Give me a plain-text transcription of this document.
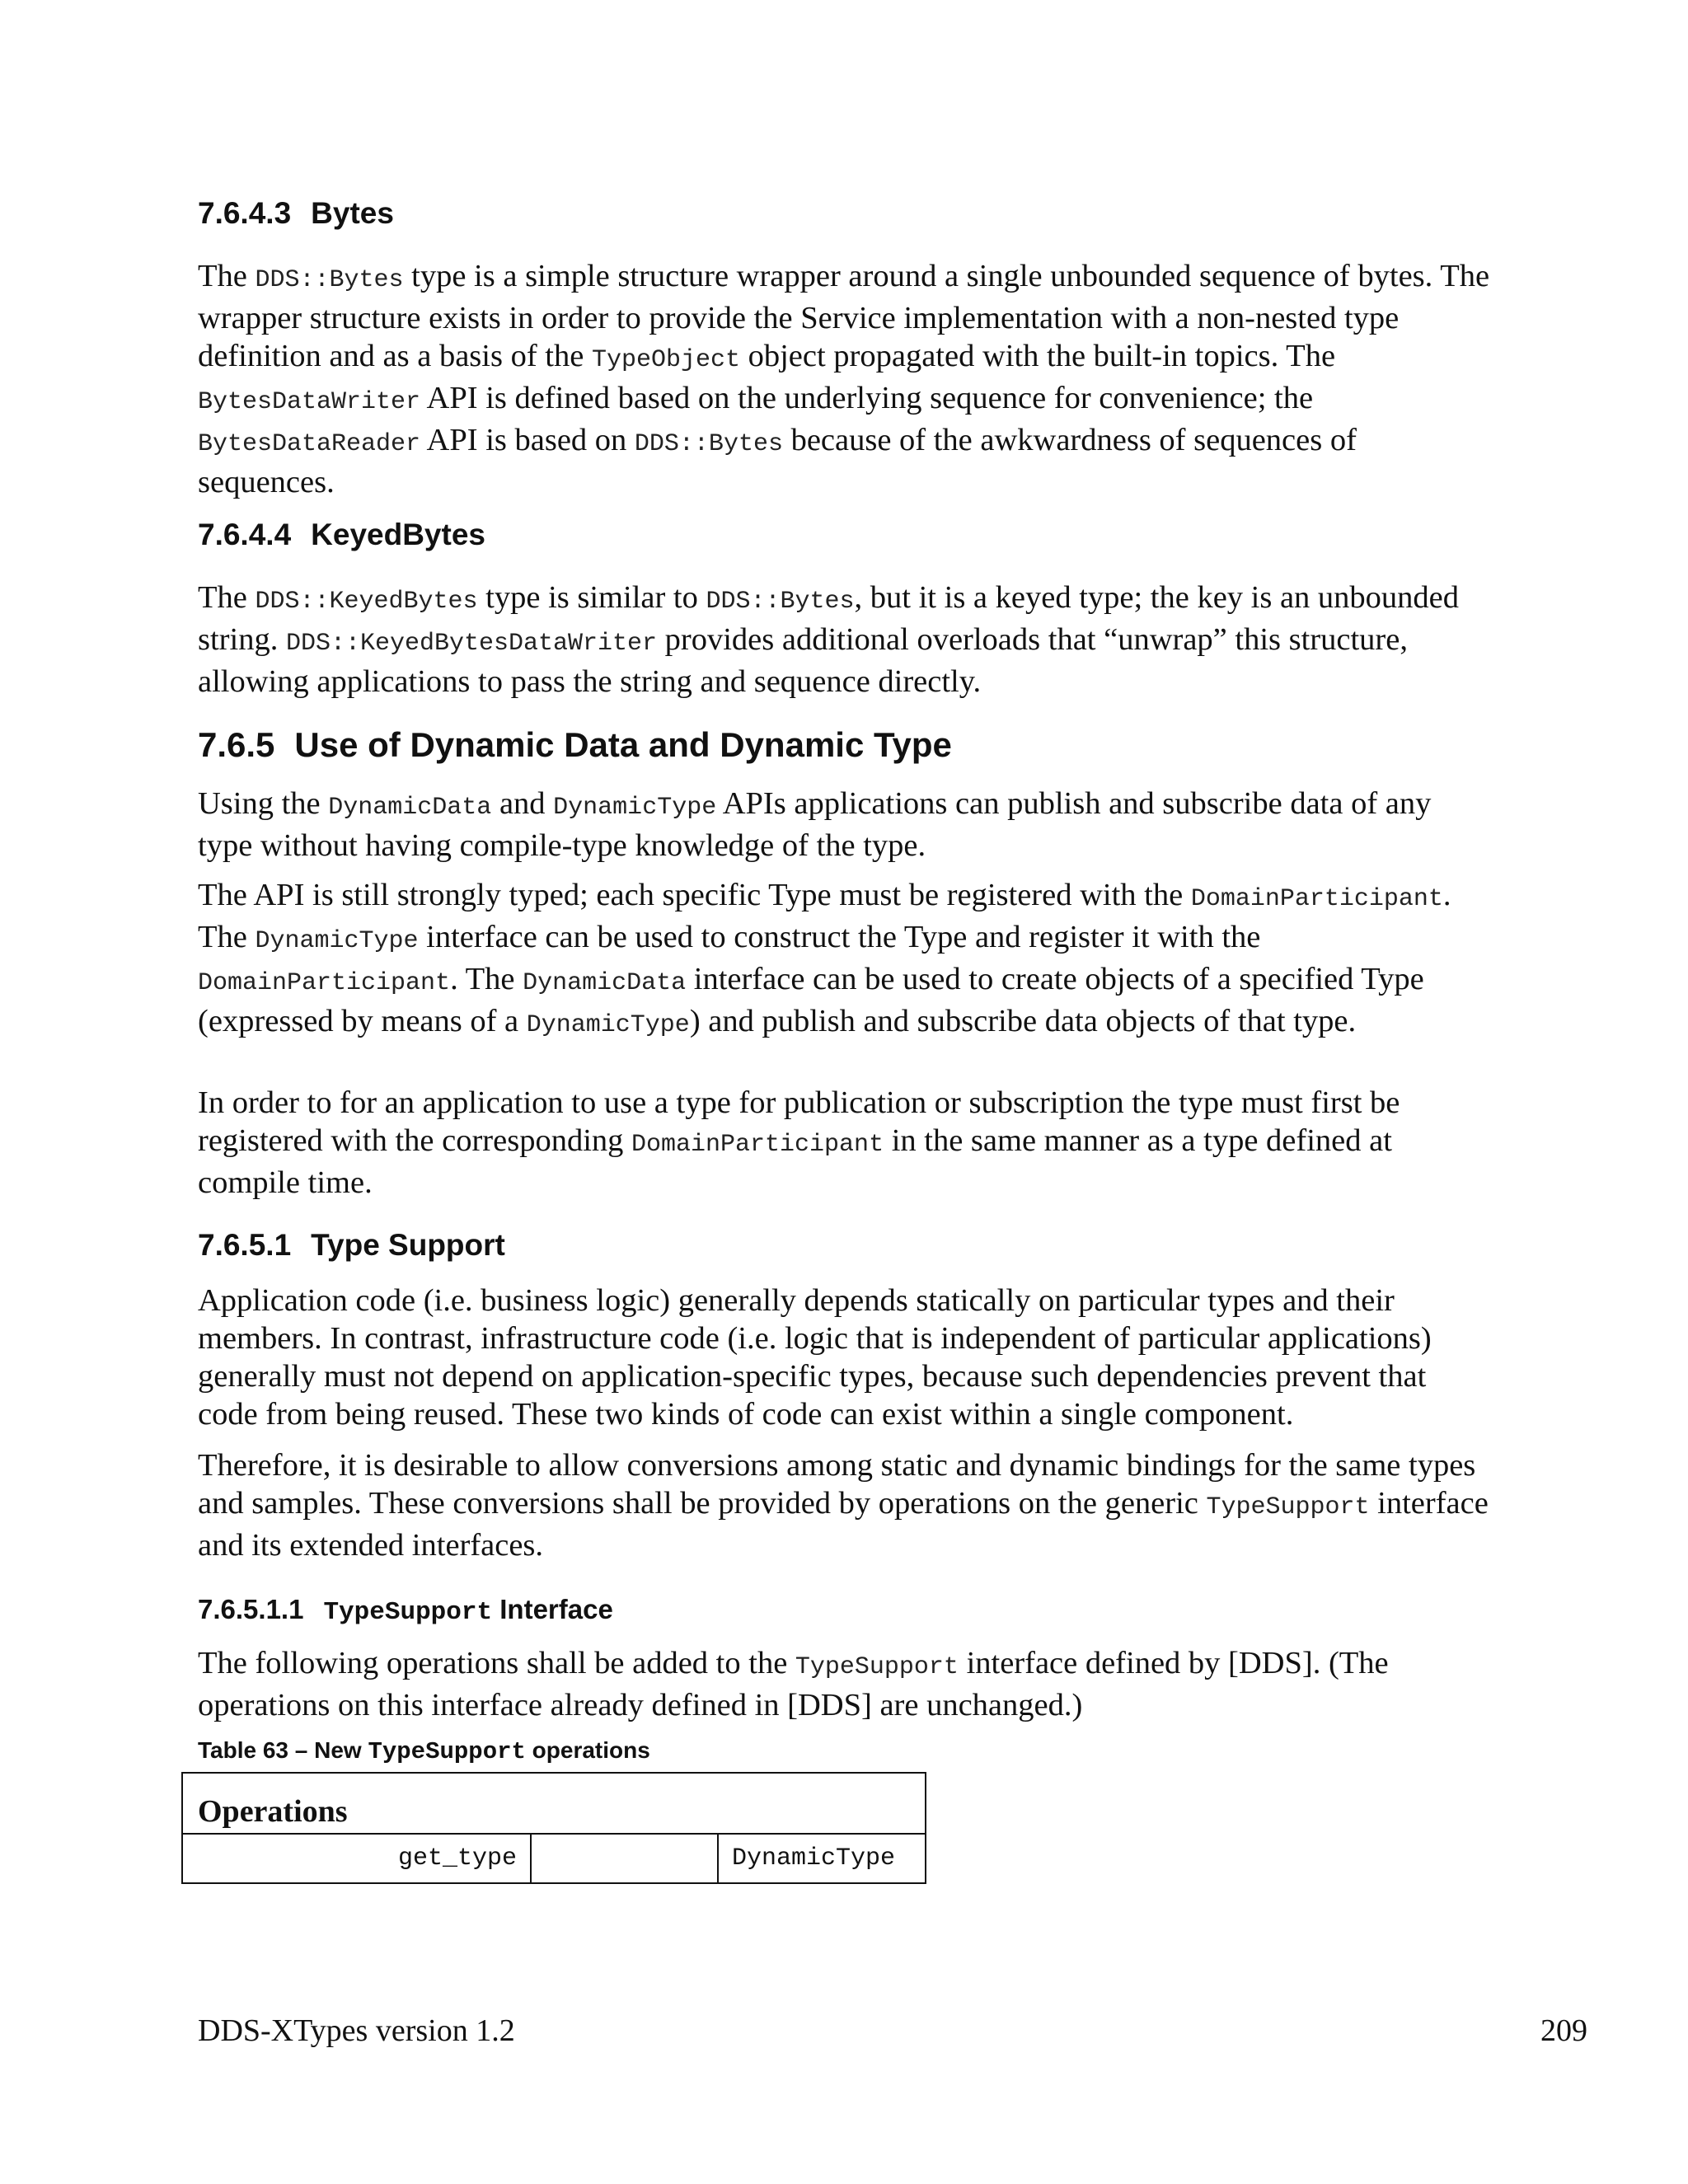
7.6.4.3 Bytes

The DDS::Bytes type is a simple structure wrapper around a single unbounded sequence of bytes. The wrapper structure exists in order to provide the Service implementation with a non-nested type definition and as a basis of the TypeObject object propagated with the built-in topics. The BytesDataWriter API is defined based on the underlying sequence for convenience; the BytesDataReader API is based on DDS::Bytes because of the awkwardness of sequences of sequences.

7.6.4.4 KeyedBytes

The DDS::KeyedBytes type is similar to DDS::Bytes, but it is a keyed type; the key is an unbounded string. DDS::KeyedBytesDataWriter provides additional overloads that “unwrap” this structure, allowing applications to pass the string and sequence directly.

7.6.5 Use of Dynamic Data and Dynamic Type

Using the DynamicData and DynamicType APIs applications can publish and subscribe data of any type without having compile-type knowledge of the type.

The API is still strongly typed; each specific Type must be registered with the DomainParticipant. The DynamicType interface can be used to construct the Type and register it with the DomainParticipant. The DynamicData interface can be used to create objects of a specified Type (expressed by means of a DynamicType) and publish and subscribe data objects of that type.

In order to for an application to use a type for publication or subscription the type must first be registered with the corresponding DomainParticipant in the same manner as a type defined at compile time.

7.6.5.1 Type Support

Application code (i.e. business logic) generally depends statically on particular types and their members. In contrast, infrastructure code (i.e. logic that is independent of particular applications) generally must not depend on application-specific types, because such dependencies prevent that code from being reused. These two kinds of code can exist within a single component.

Therefore, it is desirable to allow conversions among static and dynamic bindings for the same types and samples. These conversions shall be provided by operations on the generic TypeSupport interface and its extended interfaces.

7.6.5.1.1 TypeSupport Interface

The following operations shall be added to the TypeSupport interface defined by [DDS]. (The operations on this interface already defined in [DDS] are unchanged.)

Table 63 – New TypeSupport operations

Operations

get_type		DynamicType

DDS-XTypes version 1.2	209
